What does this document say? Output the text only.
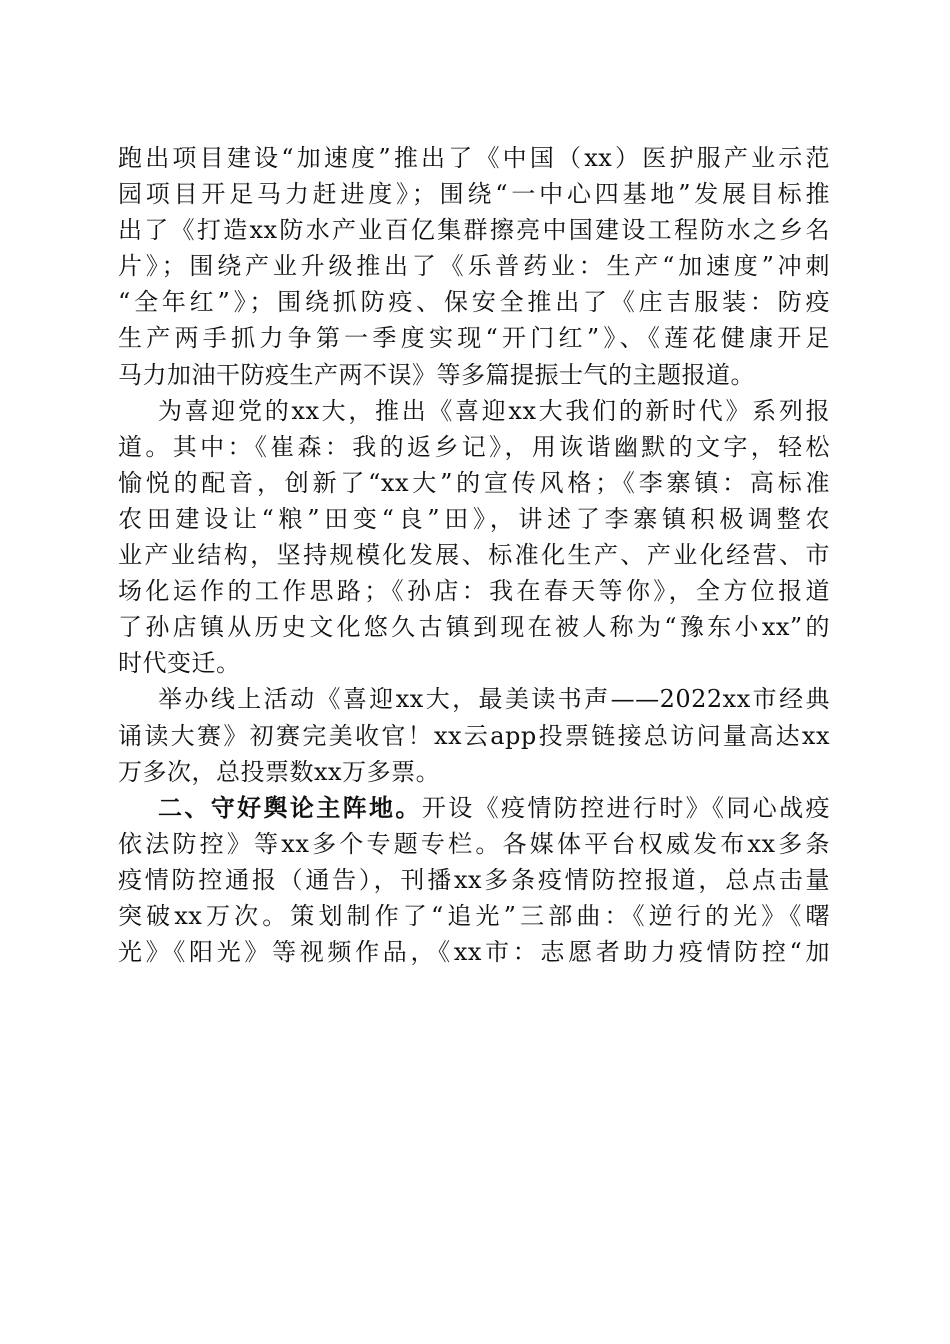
跑出项目建设“加速度”推出了《中国（xx）医护服产业示范
园项目开足马力赶进度》；围绕“一中心四基地”发展目标推
出了《打造xx防水产业百亿集群擦亮中国建设工程防水之乡名
片》；围绕产业升级推出了《乐普药业：生产“加速度”冲刺
“全年红”》；围绕抓防疫、保安全推出了《庄吉服装：防疫
生产两手抓力争第一季度实现“开门红”》、《莲花健康开足
马力加油干防疫生产两不误》等多篇提振士气的主题报道。
为喜迎党的xx大，推出《喜迎xx大我们的新时代》系列报
道。其中：《崔森：我的返乡记》，用诙谐幽默的文字，轻松
愉悦的配音，创新了“xx大”的宣传风格；《李寨镇：高标准
农田建设让“粮”田变“良”田》，讲述了李寨镇积极调整农
业产业结构，坚持规模化发展、标准化生产、产业化经营、市
场化运作的工作思路；《孙店：我在春天等你》，全方位报道
了孙店镇从历史文化悠久古镇到现在被人称为“豫东小xx”的
时代变迁。
举办线上活动《喜迎xx大，最美读书声——2022xx市经典
诵读大赛》初赛完美收官！xx云app投票链接总访问量高达xx
万多次，总投票数xx万多票。
二、守好舆论主阵地。开设《疫情防控进行时》《同心战疫
依法防控》等xx多个专题专栏。各媒体平台权威发布xx多条
疫情防控通报（通告），刊播xx多条疫情防控报道，总点击量
突破xx万次。策划制作了“追光”三部曲：《逆行的光》《曙
光》《阳光》等视频作品，《xx市：志愿者助力疫情防控“加
